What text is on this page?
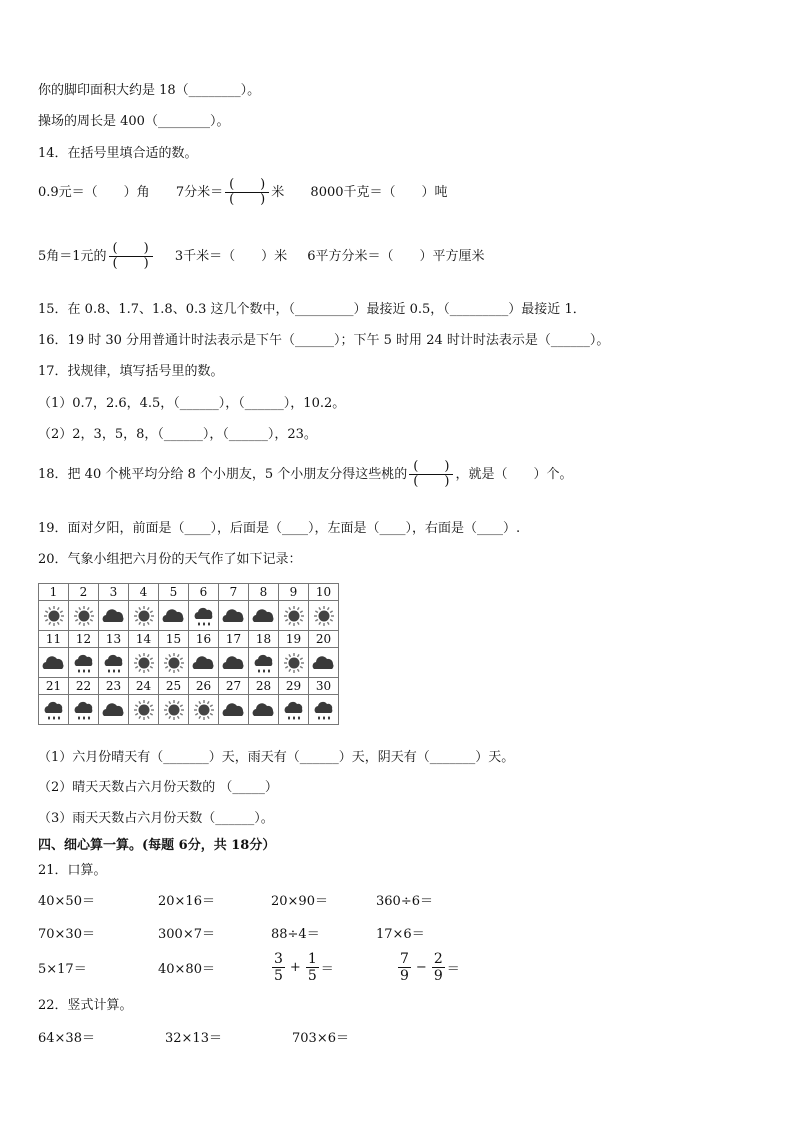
你的脚印面积大约是 18（________）。
操场的周长是 400（________）。
14．在括号里填合适的数。
0.9元＝（　　）角 7分米＝ $\frac{( )}{( )}$ 米 8000千克＝（　　）吨
5角＝1元的 $\frac{( )}{( )} 3$千米＝（　　）米 6平方分米＝（　　）平方厘米
15．在 0.8、1.7、1.8、0.3 这几个数中，（_________）最接近 0.5，（_________）最接近 1．
16．19 时 30 分用普通计时法表示是下午（______）；下午 5 时用 24 时计时法表示是（______）。
17．找规律，填写括号里的数。
（1）0.7，2.6，4.5，（______），（______），10.2。
（2）2，3，5，8，（______），（______），23。
18．把 40 个桃平均分给 8 个小朋友，5 个小朋友分得这些桃的 $\frac{( )}{( )}$ ，就是（　　）个。
19．面对夕阳，前面是（____），后面是（____），左面是（____），右面是（____）.
20．气象小组把六月份的天气作了如下记录：
1	2	3	4	5	6	7	8	9	10

11	12	13	14	15	16	17	18	19	20

21	22	23	24	25	26	27	28	29	30

（1）六月份晴天有（_______）天，雨天有（______）天，阴天有（_______）天。
（2）晴天天数占六月份天数的 （_____）
（3）雨天天数占六月份天数（______）。
四、细心算一算。(每题 6分，共 18分）
21．口算。
40×50＝	20×16＝	20×90＝	360÷6＝
70×30＝	300×7＝	88÷4＝	17×6＝
5×17＝	40×80＝	$\frac{3}{5} + \frac{1}{5}$ ＝	$\frac{7}{9} - \frac{2}{9}$ ＝
22．竖式计算。
64×38＝	32×13＝	703×6＝
